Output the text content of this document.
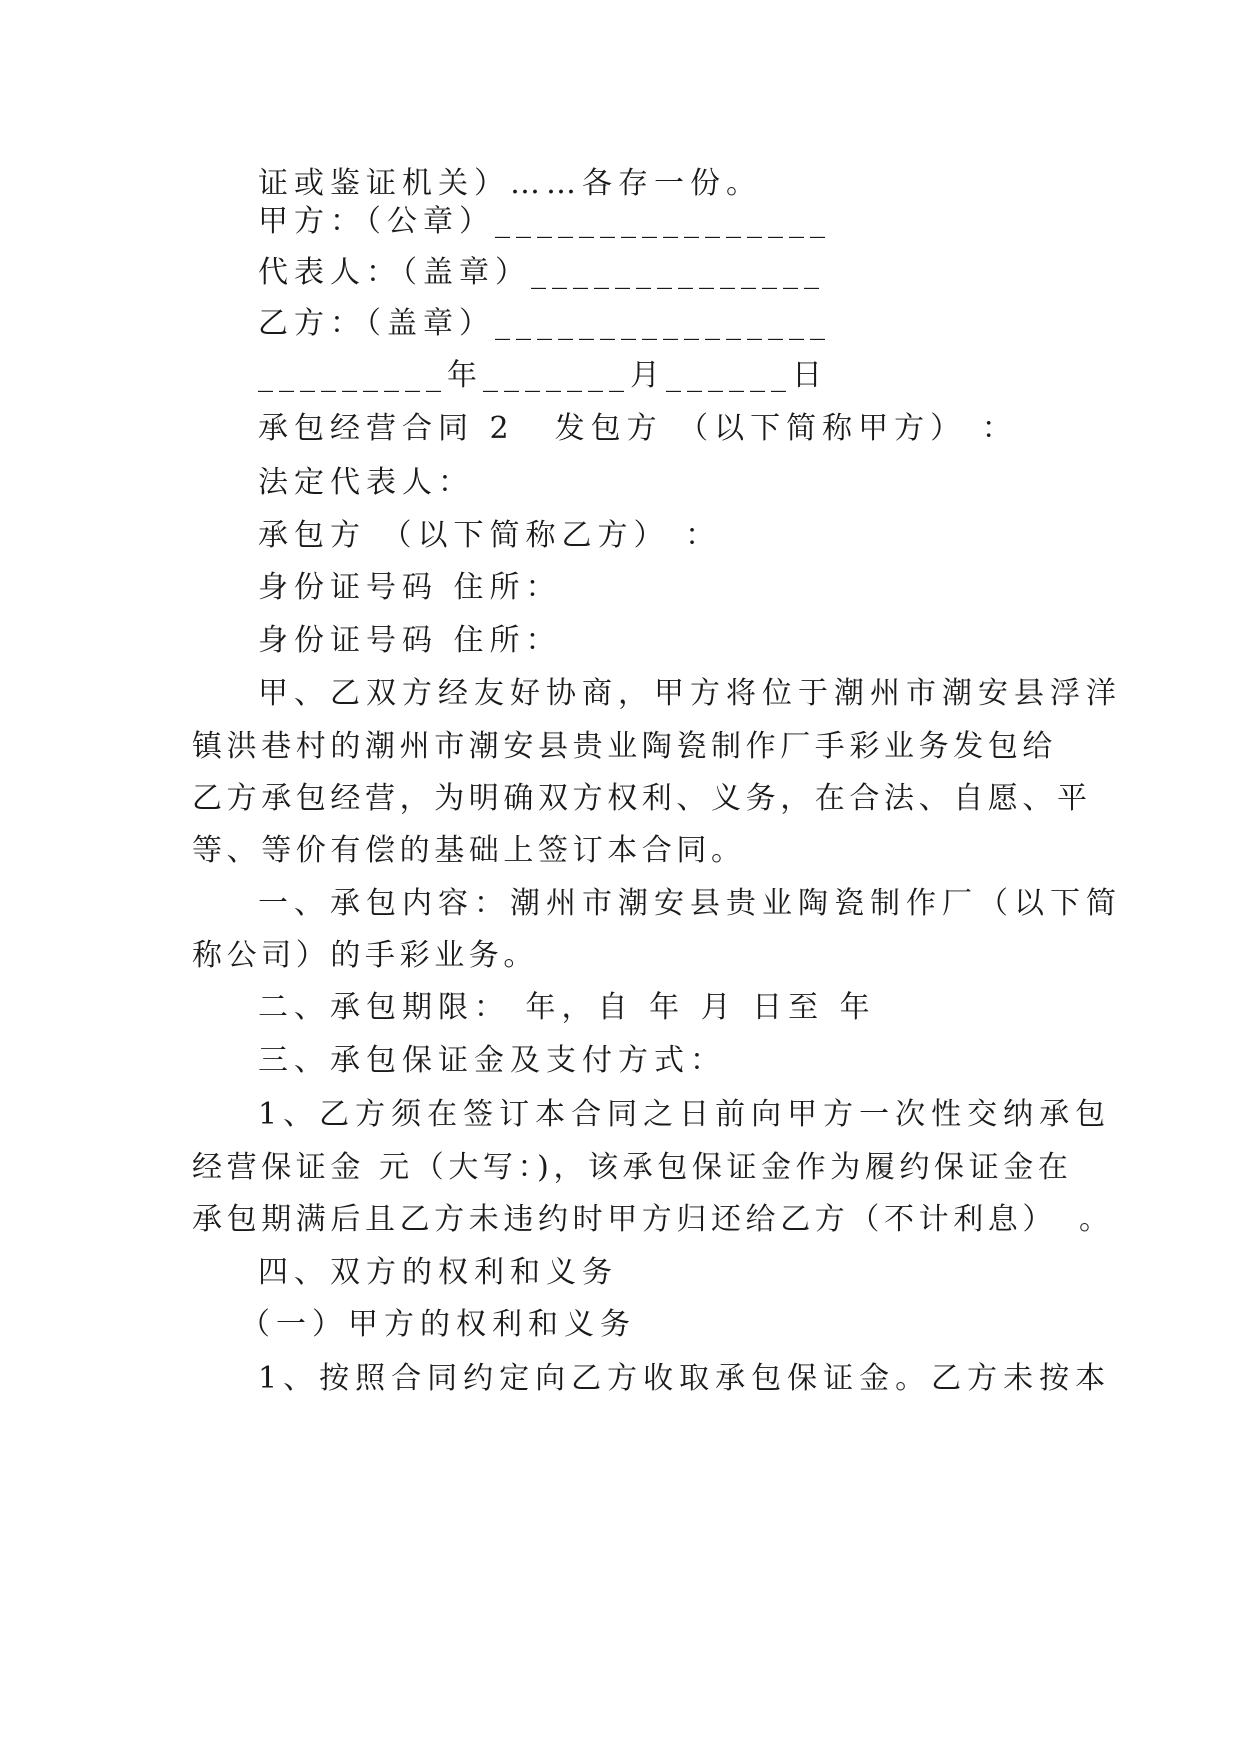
证或鉴证机关）……各存一份。
甲方：（公章）________________
代表人：（盖章）______________
乙方：（盖章）________________
_________年_______月______日
承包经营合同 2 发包方 （以下简称甲方） ：
法定代表人：
承包方 （以下简称乙方） ：
身份证号码 住所：
身份证号码 住所：
甲、乙双方经友好协商，甲方将位于潮州市潮安县浮洋
镇洪巷村的潮州市潮安县贵业陶瓷制作厂手彩业务发包给
乙方承包经营，为明确双方权利、义务，在合法、自愿、平
等、等价有偿的基础上签订本合同。
一、承包内容：潮州市潮安县贵业陶瓷制作厂（以下简
称公司）的手彩业务。
二、承包期限： 年，自 年 月 日至 年
三、承包保证金及支付方式：
1、乙方须在签订本合同之日前向甲方一次性交纳承包
经营保证金 元（大写：)，该承包保证金作为履约保证金在
承包期满后且乙方未违约时甲方归还给乙方（不计利息） 。
四、双方的权利和义务
（一）甲方的权利和义务
1、按照合同约定向乙方收取承包保证金。乙方未按本
